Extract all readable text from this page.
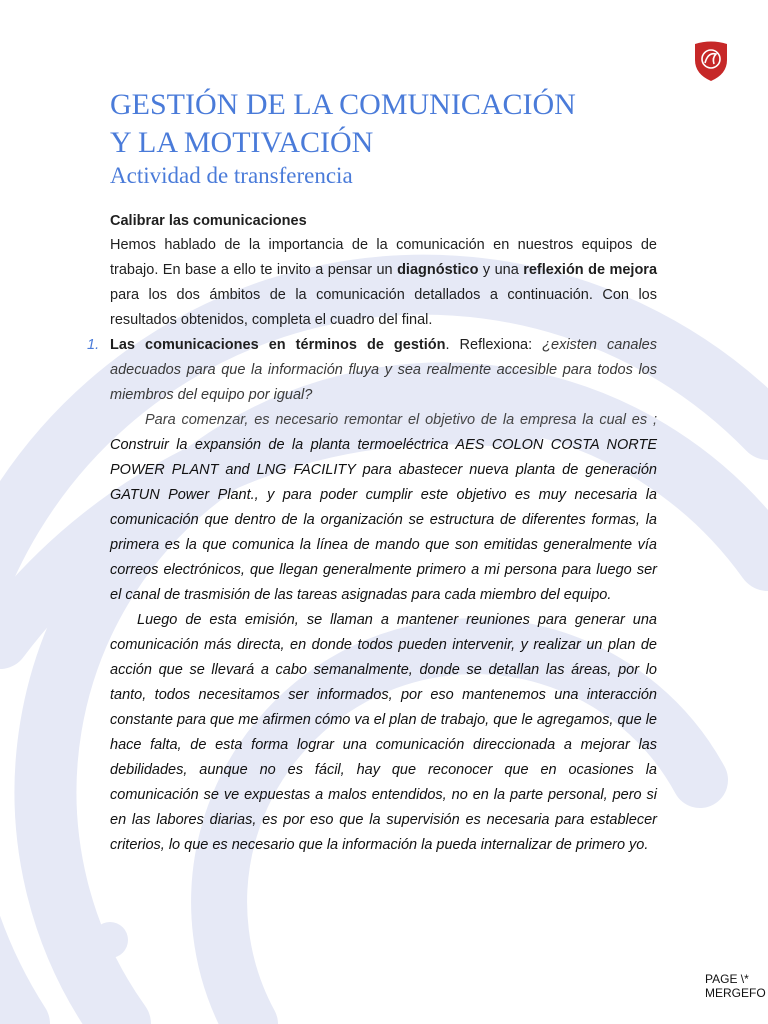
GESTIÓN DE LA COMUNICACIÓN
Y LA MOTIVACIÓN
Actividad de transferencia
Calibrar las comunicaciones

Hemos hablado de la importancia de la comunicación en nuestros equipos de trabajo. En base a ello te invito a pensar un diagnóstico y una reflexión de mejora para los dos ámbitos de la comunicación detallados a continuación. Con los resultados obtenidos, completa el cuadro del final.

1. Las comunicaciones en términos de gestión. Reflexiona: ¿existen canales adecuados para que la información fluya y sea realmente accesible para todos los miembros del equipo por igual?

Para comenzar, es necesario remontar el objetivo de la empresa la cual es ; Construir la expansión de la planta termoeléctrica AES COLON COSTA NORTE POWER PLANT and LNG FACILITY para abastecer nueva planta de generación GATUN Power Plant., y para poder cumplir este objetivo es muy necesaria la comunicación que dentro de la organización se estructura de diferentes formas, la primera es la que comunica la línea de mando que son emitidas generalmente vía correos electrónicos, que llegan generalmente primero a mi persona para luego ser el canal de trasmisión de las tareas asignadas para cada miembro del equipo.

Luego de esta emisión, se llaman a mantener reuniones para generar una comunicación más directa, en donde todos pueden intervenir, y realizar un plan de acción que se llevará a cabo semanalmente, donde se detallan las áreas, por lo tanto, todos necesitamos ser informados, por eso mantenemos una interacción constante para que me afirmen cómo va el plan de trabajo, que le agregamos, que le hace falta, de esta forma lograr una comunicación direccionada a mejorar las debilidades, aunque no es fácil, hay que reconocer que en ocasiones la comunicación se ve expuestas a malos entendidos, no en la parte personal, pero si en las labores diarias, es por eso que la supervisión es necesaria para establecer criterios, lo que es necesario que la información la pueda internalizar de primero yo.

PAGE \*
MERGEFO
